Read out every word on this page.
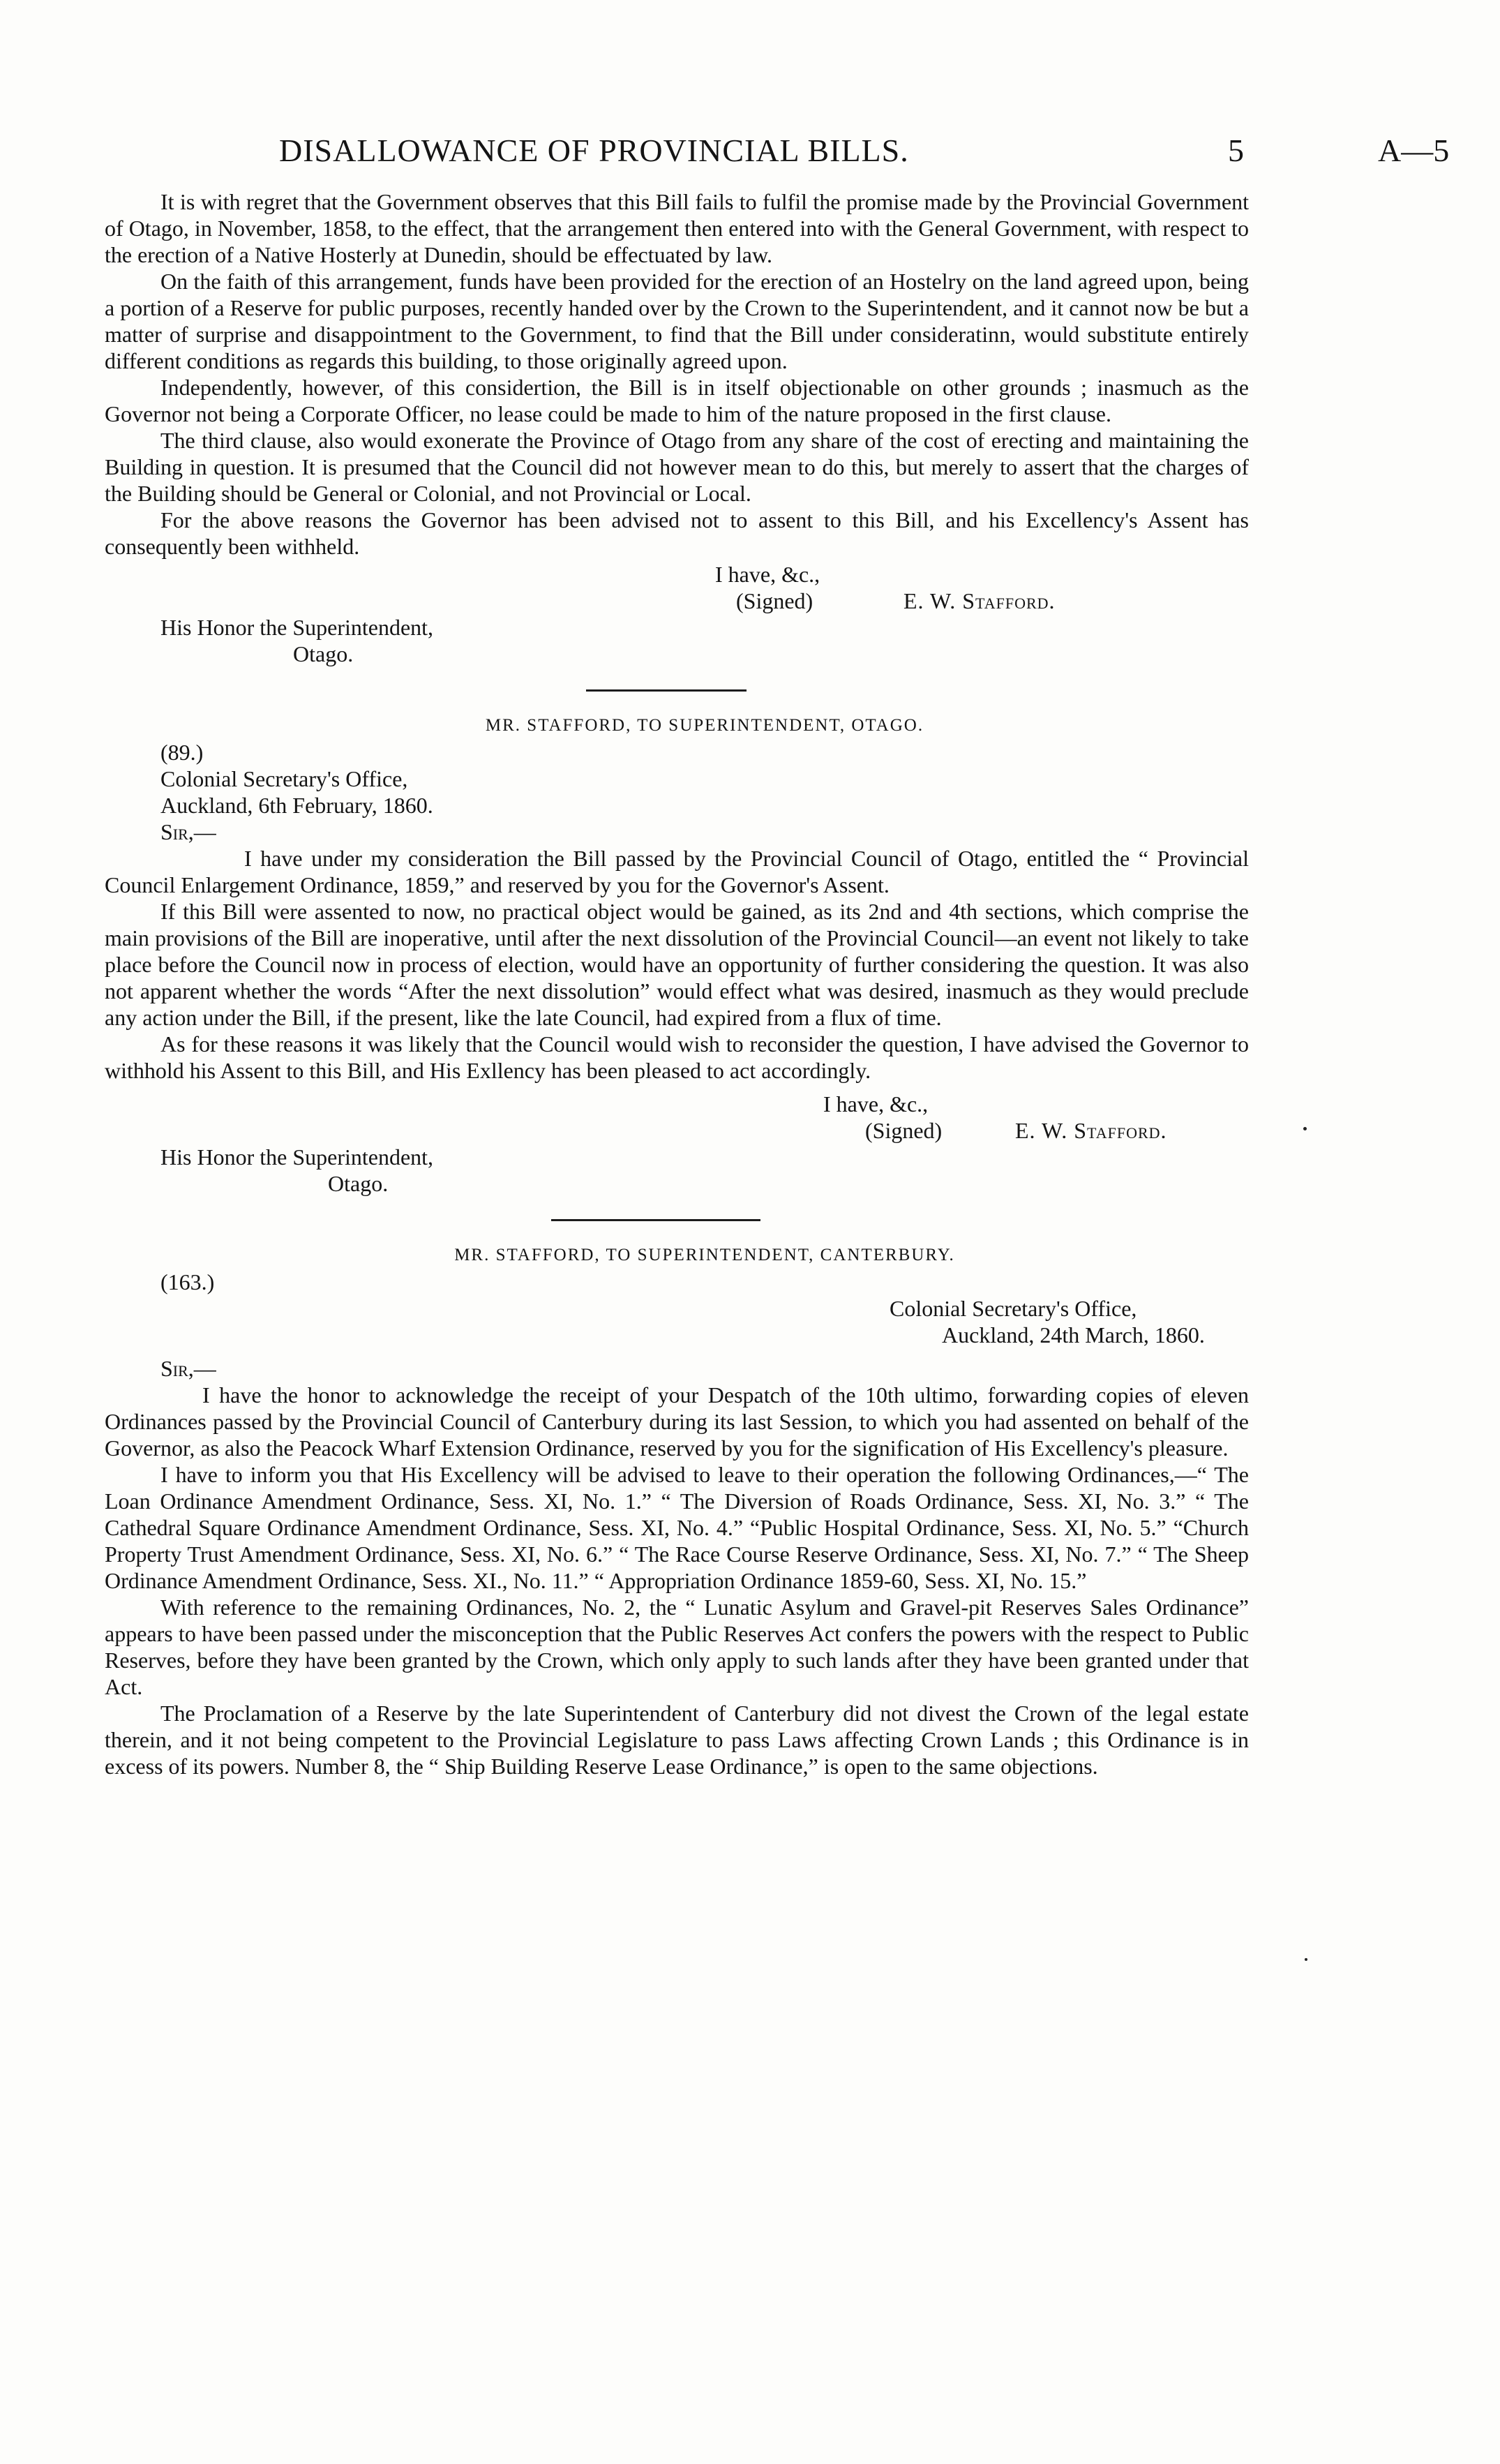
DISALLOWANCE OF PROVINCIAL BILLS.	5	A—5

It is with regret that the Government observes that this Bill fails to fulfil the promise made by the Provincial Government of Otago, in November, 1858, to the effect, that the arrangement then entered into with the General Government, with respect to the erection of a Native Hosterly at Dunedin, should be effectuated by law.

On the faith of this arrangement, funds have been provided for the erection of an Hostelry on the land agreed upon, being a portion of a Reserve for public purposes, recently handed over by the Crown to the Superintendent, and it cannot now be but a matter of surprise and disappointment to the Government, to find that the Bill under consideratinn, would substitute entirely different conditions as regards this building, to those originally agreed upon.

Independently, however, of this considertion, the Bill is in itself objectionable on other grounds ; inasmuch as the Governor not being a Corporate Officer, no lease could be made to him of the nature proposed in the first clause.

The third clause, also would exonerate the Province of Otago from any share of the cost of erecting and maintaining the Building in question. It is presumed that the Council did not however mean to do this, but merely to assert that the charges of the Building should be General or Colonial, and not Provincial or Local.

For the above reasons the Governor has been advised not to assent to this Bill, and his Excellency's Assent has consequently been withheld.

I have, &c.,
(Signed)	E. W. Stafford.

His Honor the Superintendent,

Otago.

MR. STAFFORD, TO SUPERINTENDENT, OTAGO.

(89.)

Colonial Secretary's Office,

Auckland, 6th February, 1860.

Sir,—

I have under my consideration the Bill passed by the Provincial Council of Otago, entitled the “ Provincial Council Enlargement Ordinance, 1859,” and reserved by you for the Governor's Assent.

If this Bill were assented to now, no practical object would be gained, as its 2nd and 4th sections, which comprise the main provisions of the Bill are inoperative, until after the next dissolution of the Provincial Council—an event not likely to take place before the Council now in process of election, would have an opportunity of further considering the question. It was also not apparent whether the words “After the next dissolution” would effect what was desired, inasmuch as they would preclude any action under the Bill, if the present, like the late Council, had expired from a flux of time.

As for these reasons it was likely that the Council would wish to reconsider the question, I have advised the Governor to withhold his Assent to this Bill, and His Exllency has been pleased to act accordingly.

I have, &c.,
(Signed)	E. W. Stafford.

His Honor the Superintendent,

Otago.

MR. STAFFORD, TO SUPERINTENDENT, CANTERBURY.

(163.)

Colonial Secretary's Office,

Auckland, 24th March, 1860.

Sir,—

I have the honor to acknowledge the receipt of your Despatch of the 10th ultimo, forwarding copies of eleven Ordinances passed by the Provincial Council of Canterbury during its last Session, to which you had assented on behalf of the Governor, as also the Peacock Wharf Extension Ordinance, reserved by you for the signification of His Excellency's pleasure.

I have to inform you that His Excellency will be advised to leave to their operation the following Ordinances,—“ The Loan Ordinance Amendment Ordinance, Sess. XI, No. 1.” “ The Diversion of Roads Ordinance, Sess. XI, No. 3.” “ The Cathedral Square Ordinance Amendment Ordinance, Sess. XI, No. 4.” “Public Hospital Ordinance, Sess. XI, No. 5.” “Church Property Trust Amendment Ordinance, Sess. XI, No. 6.” “ The Race Course Reserve Ordinance, Sess. XI, No. 7.” “ The Sheep Ordinance Amendment Ordinance, Sess. XI., No. 11.” “ Appropriation Ordinance 1859-60, Sess. XI, No. 15.”

With reference to the remaining Ordinances, No. 2, the “ Lunatic Asylum and Gravel-pit Reserves Sales Ordinance” appears to have been passed under the misconception that the Public Reserves Act confers the powers with the respect to Public Reserves, before they have been granted by the Crown, which only apply to such lands after they have been granted under that Act.

The Proclamation of a Reserve by the late Superintendent of Canterbury did not divest the Crown of the legal estate therein, and it not being competent to the Provincial Legislature to pass Laws affecting Crown Lands ; this Ordinance is in excess of its powers. Number 8, the “ Ship Building Reserve Lease Ordinance,” is open to the same objections.
